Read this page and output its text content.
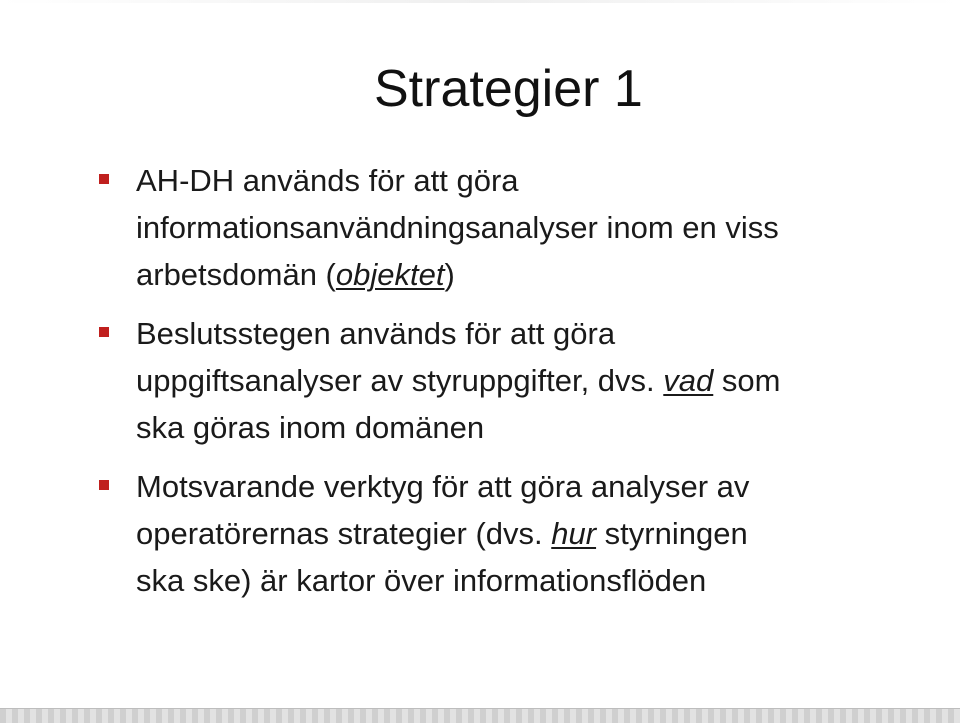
Strategier 1
AH-DH används för att göra
informationsanvändningsanalyser inom en viss
arbetsdomän (objektet)
Beslutsstegen används för att göra
uppgiftsanalyser av styruppgifter, dvs. vad som
ska göras inom domänen
Motsvarande verktyg för att göra analyser av
operatörernas strategier (dvs. hur styrningen
ska ske) är kartor över informationsflöden
